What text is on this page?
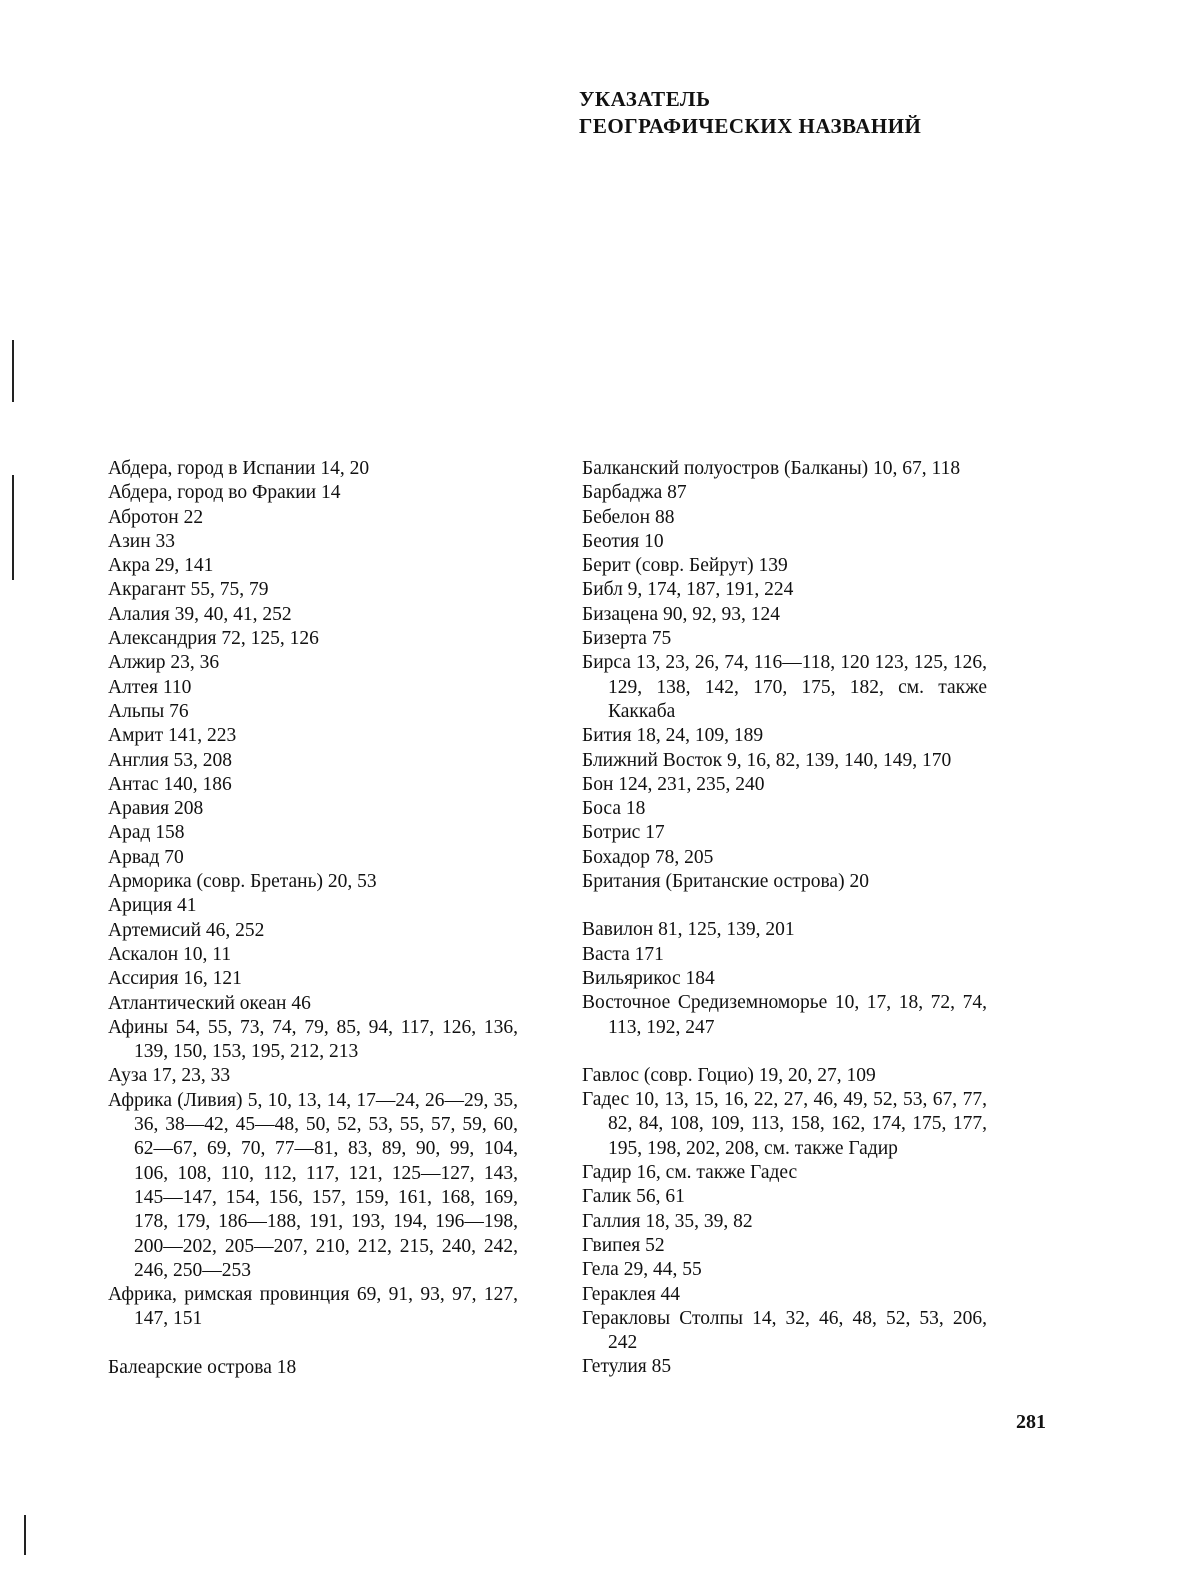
УКАЗАТЕЛЬ
ГЕОГРАФИЧЕСКИХ НАЗВАНИЙ
Абдера, город в Испании 14, 20
Абдера, город во Фракии 14
Абротон 22
Азин 33
Акра 29, 141
Акрагант 55, 75, 79
Алалия 39, 40, 41, 252
Александрия 72, 125, 126
Алжир 23, 36
Алтея 110
Альпы 76
Амрит 141, 223
Англия 53, 208
Антас 140, 186
Аравия 208
Арад 158
Арвад 70
Арморика (совр. Бретань) 20, 53
Ариция 41
Артемисий 46, 252
Аскалон 10, 11
Ассирия 16, 121
Атлантический океан 46
Афины 54, 55, 73, 74, 79, 85, 94, 117, 126, 136, 139, 150, 153, 195, 212, 213
Ауза 17, 23, 33
Африка (Ливия) 5, 10, 13, 14, 17—24, 26—29, 35, 36, 38—42, 45—48, 50, 52, 53, 55, 57, 59, 60, 62—67, 69, 70, 77—81, 83, 89, 90, 99, 104, 106, 108, 110, 112, 117, 121, 125—127, 143, 145—147, 154, 156, 157, 159, 161, 168, 169, 178, 179, 186—188, 191, 193, 194, 196—198, 200—202, 205—207, 210, 212, 215, 240, 242, 246, 250—253
Африка, римская провинция 69, 91, 93, 97, 127, 147, 151
Балеарские острова 18
Балканский полуостров (Балканы) 10, 67, 118
Барбаджа 87
Бебелон 88
Беотия 10
Берит (совр. Бейрут) 139
Библ 9, 174, 187, 191, 224
Бизацена 90, 92, 93, 124
Бизерта 75
Бирса 13, 23, 26, 74, 116—118, 120 123, 125, 126, 129, 138, 142, 170, 175, 182, см. также Каккаба
Бития 18, 24, 109, 189
Ближний Восток 9, 16, 82, 139, 140, 149, 170
Бон 124, 231, 235, 240
Боса 18
Ботрис 17
Бохадор 78, 205
Британия (Британские острова) 20
Вавилон 81, 125, 139, 201
Васта 171
Вильярикос 184
Восточное Средиземноморье 10, 17, 18, 72, 74, 113, 192, 247
Гавлос (совр. Гоцио) 19, 20, 27, 109
Гадес 10, 13, 15, 16, 22, 27, 46, 49, 52, 53, 67, 77, 82, 84, 108, 109, 113, 158, 162, 174, 175, 177, 195, 198, 202, 208, см. также Гадир
Гадир 16, см. также Гадес
Галик 56, 61
Галлия 18, 35, 39, 82
Гвипея 52
Гела 29, 44, 55
Гераклея 44
Геракловы Столпы 14, 32, 46, 48, 52, 53, 206, 242
Гетулия 85
281
